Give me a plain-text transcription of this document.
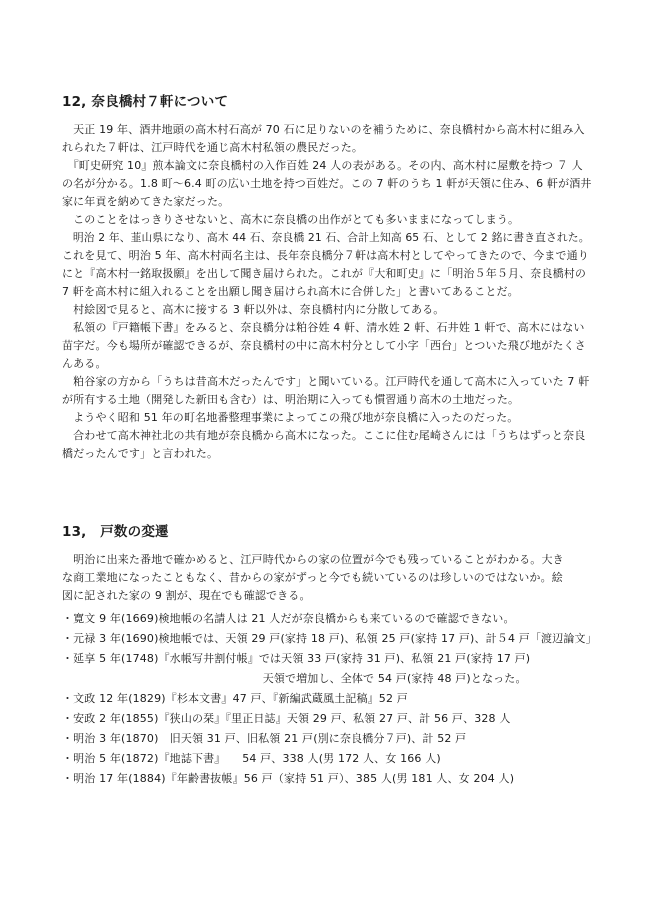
12, 奈良橋村７軒について
　天正 19 年、酒井地頭の高木村石高が 70 石に足りないのを補うために、奈良橋村から高木村に組み入
れられた７軒は、江戸時代を通じ高木村私領の農民だった。
　『町史研究 10』煎本論文に奈良橋村の入作百姓 24 人の表がある。その内、高木村に屋敷を持つ ７ 人
の名が分かる。1.8 町～6.4 町の広い土地を持つ百姓だ。この 7 軒のうち 1 軒が天領に住み、6 軒が酒井
家に年貢を納めてきた家だった。
　このことをはっきりさせないと、高木に奈良橋の出作がとても多いままになってしまう。
　明治 2 年、韮山県になり、高木 44 石、奈良橋 21 石、合計上知高 65 石、として 2 銘に書き直された。
これを見て、明治 5 年、高木村両名主は、長年奈良橋分７軒は高木村としてやってきたので、今まで通り
にと『高木村一銘取扱願』を出して聞き届けられた。これが『大和町史』に「明治５年５月、奈良橋村の
7 軒を高木村に組入れることを出願し聞き届けられ高木に合併した」と書いてあることだ。
　村絵図で見ると、高木に接する 3 軒以外は、奈良橋村内に分散してある。
　私領の『戸籍帳下書』をみると、奈良橋分は粕谷姓 4 軒、清水姓 2 軒、石井姓 1 軒で、高木にはない
苗字だ。今も場所が確認できるが、奈良橋村の中に高木村分として小字「西台」とついた飛び地がたくさ
んある。
　粕谷家の方から「うちは昔高木だったんです」と聞いている。江戸時代を通して高木に入っていた 7 軒
が所有する土地（開発した新田も含む）は、明治期に入っても慣習通り高木の土地だった。
　ようやく昭和 51 年の町名地番整理事業によってこの飛び地が奈良橋に入ったのだった。
　合わせて高木神社北の共有地が奈良橋から高木になった。ここに住む尾崎さんには「うちはずっと奈良
橋だったんです」と言われた。
13,　戸数の変遷
　明治に出来た番地で確かめると、江戸時代からの家の位置が今でも残っていることがわかる。大き
な商工業地になったこともなく、昔からの家がずっと今でも続いているのは珍しいのではないか。絵
図に記された家の 9 割が、現在でも確認できる。
・寛文 9 年(1669)検地帳の名請人は 21 人だが奈良橋からも来ているので確認できない。
・元禄 3 年(1690)検地帳では、天領 29 戸(家持 18 戸)、私領 25 戸(家持 17 戸)、計５4 戸「渡辺論文」
・延享 5 年(1748)『水帳写井割付帳』では天領 33 戸(家持 31 戸)、私領 21 戸(家持 17 戸)
　　　　　　　　　　　　　　　　　　天領で増加し、全体で 54 戸(家持 48 戸)となった。
・文政 12 年(1829)『杉本文書』47 戸、『新編武蔵風土記稿』52 戸
・安政 2 年(1855)『狭山の栞』『里正日誌』天領 29 戸、私領 27 戸、計 56 戸、328 人
・明治 3 年(1870)　旧天領 31 戸、旧私領 21 戸(別に奈良橋分７戸)、計 52 戸
・明治 5 年(1872)『地誌下書』　　54 戸、338 人(男 172 人、女 166 人)
・明治 17 年(1884)『年齢書抜帳』56 戸（家持 51 戸）、385 人(男 181 人、女 204 人)
